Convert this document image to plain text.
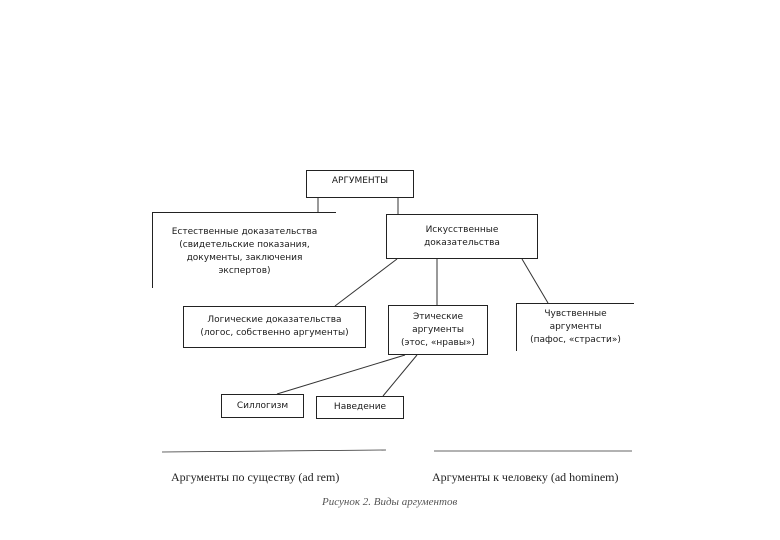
АРГУМЕНТЫ
Естественные доказательства
(свидетельские показания,
документы, заключения
экспертов)
Искусственные
доказательства
Логические доказательства
(логос, собственно аргументы)
Этические
аргументы
(этос, «нравы»)
Чувственные
аргументы
(пафос, «страсти»)
Силлогизм	Наведение
Аргументы по существу (ad rem)	Аргументы к человеку (ad hominem)
Рисунок 2. Виды аргументов
